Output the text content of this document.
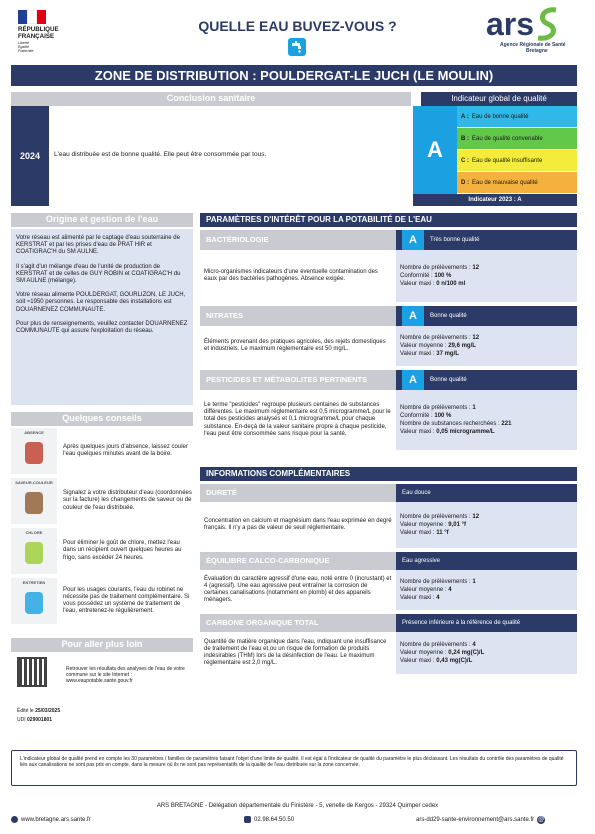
RÉPUBLIQUE
FRANÇAISE
Liberté
Égalité
Fraternité
QUELLE EAU BUVEZ-VOUS ?	ars
Agence Régionale de Santé
Bretagne
ZONE DE DISTRIBUTION : POULDERGAT-LE JUCH (LE MOULIN)
Conclusion sanitaire
2024	L'eau distribuée est de bonne qualité. Elle peut être consommée par tous.
Indicateur global de qualité
A
A : Eau de bonne qualité
B : Eau de qualité convenable
C : Eau de qualité insuffisante
D : Eau de mauvaise qualité
Indicateur 2023 : A
Origine et gestion de l'eau

Votre réseau est alimenté par le captage d'eau souterraine de KERSTRAT et par les prises d'eau de PRAT HIR et COATIGRAC'H du SM AULNE.

Il s'agit d'un mélange d'eau de l'unité de production de KERSTRAT et de celles de GUY ROBIN et COATIGRAC'H du SM AULNE (mélange).

Votre réseau alimente POULDERGAT, GOURLIZON, LE JUCH, soit ≈1950 personnes. Le responsable des installations est DOUARNENEZ COMMUNAUTE.

Pour plus de renseignements, veuillez contacter DOUARNENEZ COMMUNAUTE qui assure l'exploitation du réseau.

Quelques conseils
ABSENCE
Après quelques jours d'absence, laissez couler l'eau quelques minutes avant de la boire.
SAVEUR-COULEUR
Signalez à votre distributeur d'eau (coordonnées sur la facture) les changements de saveur ou de couleur de l'eau distribuée.
CHLORE
Pour éliminer le goût de chlore, mettez l'eau dans un récipient ouvert quelques heures au frigo, sans excéder 24 heures.
ENTRETIEN
Pour les usages courants, l'eau du robinet ne nécessite pas de traitement complémentaire. Si vous possédez un système de traitement de l'eau, entretenez-le régulièrement.
Pour aller plus loin
Retrouver les résultats des analyses de l'eau de votre commune sur le site Internet : www.eaupotable.sante.gouv.fr
Édité le 25/03/2025
UDI 029001801
PARAMÈTRES D'INTÉRÊT POUR LA POTABILITÉ DE L'EAU
BACTÉRIOLOGIE	A	Très bonne qualité
Micro-organismes indicateurs d'une éventuelle contamination des eaux par des bactéries pathogènes. Absence exigée.
Nombre de prélèvements : 12
Conformité : 100 %
Valeur maxi : 0 n/100 ml
NITRATES	A	Bonne qualité
Éléments provenant des pratiques agricoles, des rejets domestiques et industriels. Le maximum réglementaire est 50 mg/L.
Nombre de prélèvements : 12
Valeur moyenne : 29,6 mg/L
Valeur maxi : 37 mg/L
PESTICIDES ET MÉTABOLITES PERTINENTS	A	Bonne qualité
Le terme "pesticides" regroupe plusieurs centaines de substances différentes. Le maximum réglementaire est 0,5 microgramme/L pour le total des pesticides analysés et 0,1 microgramme/L pour chaque substance. En-deçà de la valeur sanitaire propre à chaque pesticide, l'eau peut être consommée sans risque pour la santé.
Nombre de prélèvements : 1
Conformité : 100 %
Nombre de substances recherchées : 221
Valeur maxi : 0,05 microgramme/L
INFORMATIONS COMPLÉMENTAIRES
DURETÉ	Eau douce
Concentration en calcium et magnésium dans l'eau exprimée en degré français. Il n'y a pas de valeur de seuil réglementaire.
Nombre de prélèvements : 12
Valeur moyenne : 9,01 °f
Valeur maxi : 11 °f
ÉQUILIBRE CALCO-CARBONIQUE	Eau agressive
Évaluation du caractère agressif d'une eau, noté entre 0 (incrustant) et 4 (agressif). Une eau agressive peut entraîner la corrosion de certaines canalisations (notamment en plomb) et des appareils ménagers.
Nombre de prélèvements : 1
Valeur moyenne : 4
Valeur maxi : 4
CARBONE ORGANIQUE TOTAL	Présence inférieure à la référence de qualité
Quantité de matière organique dans l'eau, indiquant une insuffisance de traitement de l'eau et,ou un risque de formation de produits indésirables (THM) lors de la désinfection de l'eau. Le maximum réglementaire est 2,0 mg/L.
Nombre de prélèvements : 4
Valeur moyenne : 0,24 mg(C)/L
Valeur maxi : 0,43 mg(C)/L
L'indicateur global de qualité prend en compte les 30 paramètres / familles de paramètres faisant l'objet d'une limite de qualité. Il est égal à l'indicateur de qualité du paramètre le plus déclassant. Les résultats du contrôle des paramètres de qualité liés aux canalisations ne sont pas pris en compte, dans la mesure où ils ne sont pas représentatifs de la qualité de l'eau distribuée sur la zone concernée.
ARS BRETAGNE - Délégation départementale du Finistère - 5, venelle de Kergos - 29324 Quimper cedex
www.bretagne.ars.sante.fr	02.98.64.50.50	ars-dd29-sante-environnement@ars.sante.fr @
